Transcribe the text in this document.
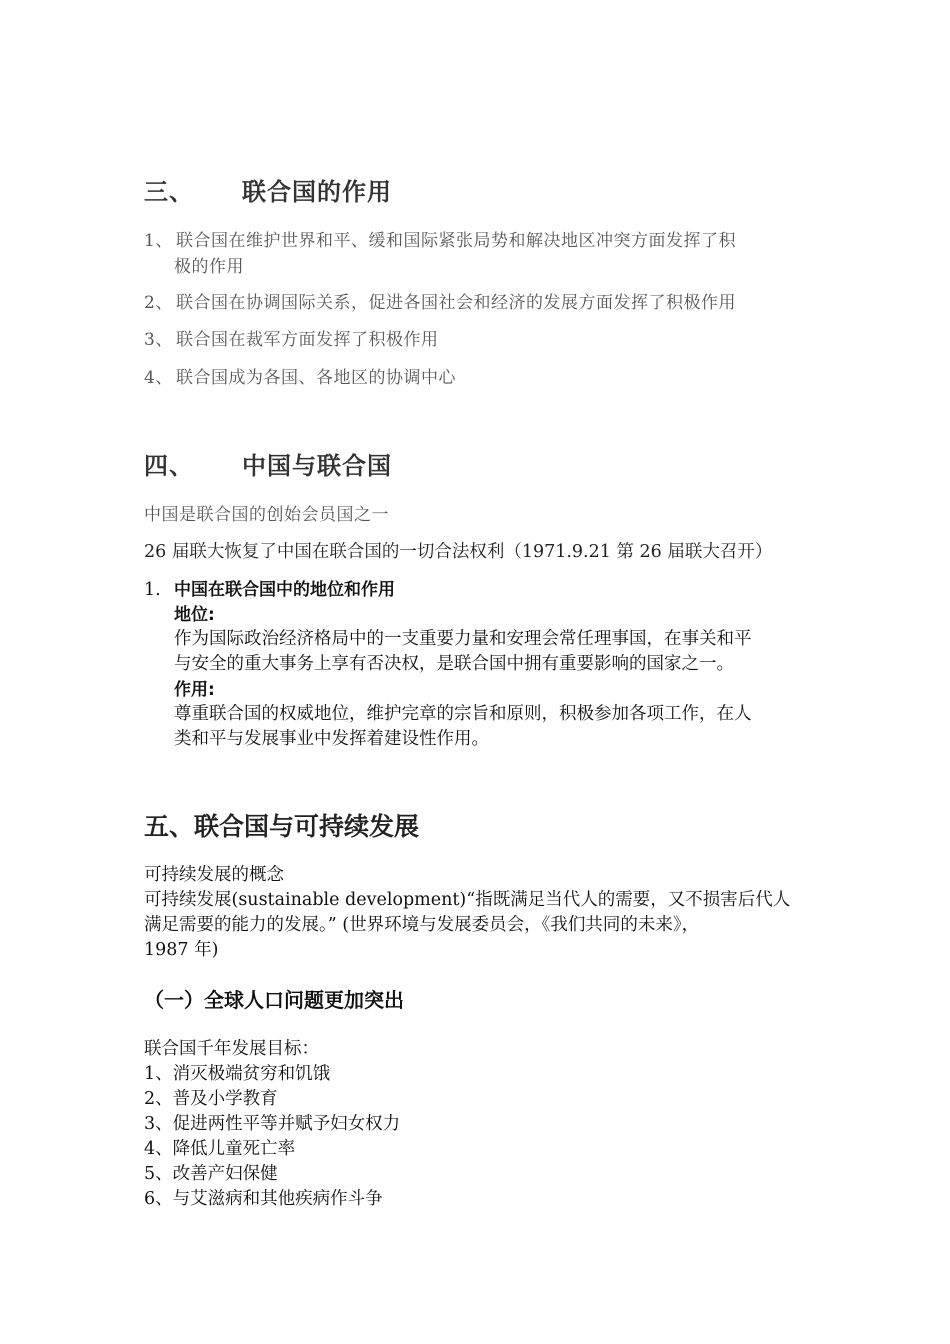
三、 联合国的作用
1、 联合国在维护世界和平、缓和国际紧张局势和解决地区冲突方面发挥了积
极的作用
2、 联合国在协调国际关系，促进各国社会和经济的发展方面发挥了积极作用
3、 联合国在裁军方面发挥了积极作用
4、 联合国成为各国、各地区的协调中心
四、 中国与联合国
中国是联合国的创始会员国之一
26 届联大恢复了中国在联合国的一切合法权利（1971.9.21 第 26 届联大召开）
1. 中国在联合国中的地位和作用
地位:
作为国际政治经济格局中的一支重要力量和安理会常任理事国，在事关和平
与安全的重大事务上享有否决权，是联合国中拥有重要影响的国家之一。
作用:
尊重联合国的权威地位，维护完章的宗旨和原则，积极参加各项工作，在人
类和平与发展事业中发挥着建设性作用。
五、联合国与可持续发展
可持续发展的概念
可持续发展(sustainable development)“指既满足当代人的需要，又不损害后代人
满足需要的能力的发展。” (世界环境与发展委员会，《我们共同的未来》，
1987 年)
（一）全球人口问题更加突出
联合国千年发展目标：
1、消灭极端贫穷和饥饿
2、普及小学教育
3、促进两性平等并赋予妇女权力
4、降低儿童死亡率
5、改善产妇保健
6、与艾滋病和其他疾病作斗争
